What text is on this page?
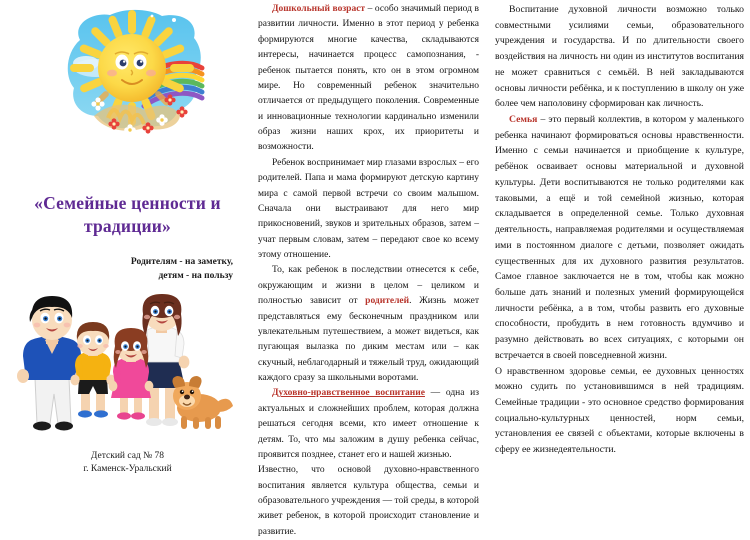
«Семейные ценности и традиции»
Родителям - на заметку,
детям - на пользу
Детский сад № 78
г. Каменск-Уральский

Дошкольный возраст – особо значимый период в развитии личности. Именно в этот период у ребенка формируются многие качества, складываются интересы, начинается процесс самопознания, - ребенок пытается понять, кто он в этом огромном мире. Но современный ребенок значительно отличается от предыдущего поколения. Современные и инновационные технологии кардинально изменили образ жизни наших крох, их приоритеты и возможности.

Ребенок воспринимает мир глазами взрослых – его родителей. Папа и мама формируют детскую картину мира с самой первой встречи со своим малышом. Сначала они выстраивают для него мир прикосновений, звуков и зрительных образов, затем – учат первым словам, затем – передают свое ко всему этому отношение.

То, как ребенок в последствии отнесется к себе, окружающим и жизни в целом – целиком и полностью зависит от родителей. Жизнь может представляться ему бесконечным праздником или увлекательным путешествием, а может видеться, как пугающая вылазка по диким местам или – как скучный, неблагодарный и тяжелый труд, ожидающий каждого сразу за школьными воротами.

Духовно-нравственное воспитание — одна из актуальных и сложнейших проблем, которая должна решаться сегодня всеми, кто имеет отношение к детям. То, что мы заложим в душу ребенка сейчас, проявится позднее, станет его и нашей жизнью.

Известно, что основой духовно-нравственного воспитания является культура общества, семьи и образовательного учреждения — той среды, в которой живет ребенок, в которой происходит становление и развитие.

Воспитание духовной личности возможно только совместными усилиями семьи, образовательного учреждения и государства. И по длительности своего воздействия на личность ни один из институтов воспитания не может сравниться с семьёй. В ней закладываются основы личности ребёнка, и к поступлению в школу он уже более чем наполовину сформирован как личность.

Семья – это первый коллектив, в котором у маленького ребенка начинают формироваться основы нравственности. Именно с семьи начинается и приобщение к культуре, ребёнок осваивает основы материальной и духовной культуры. Дети воспитываются не только родителями как таковыми, а ещё и той семейной жизнью, которая складывается в определенной семье. Только духовная деятельность, направляемая родителями и осуществляемая ими в постоянном диалоге с детьми, позволяет ожидать существенных для их духовного развития результатов. Самое главное заключается не в том, чтобы как можно больше дать знаний и полезных умений формирующейся личности ребёнка, а в том, чтобы развить его духовные способности, пробудить в нем готовность вдумчиво и разумно действовать во всех ситуациях, с которыми он встречается в своей повседневной жизни.

О нравственном здоровье семьи, ее духовных ценностях можно судить по установившимся в ней традициям. Семейные традиции - это основное средство формирования социально-культурных ценностей, норм семьи, установления ее связей с объектами, которые включены в сферу ее жизнедеятельности.
